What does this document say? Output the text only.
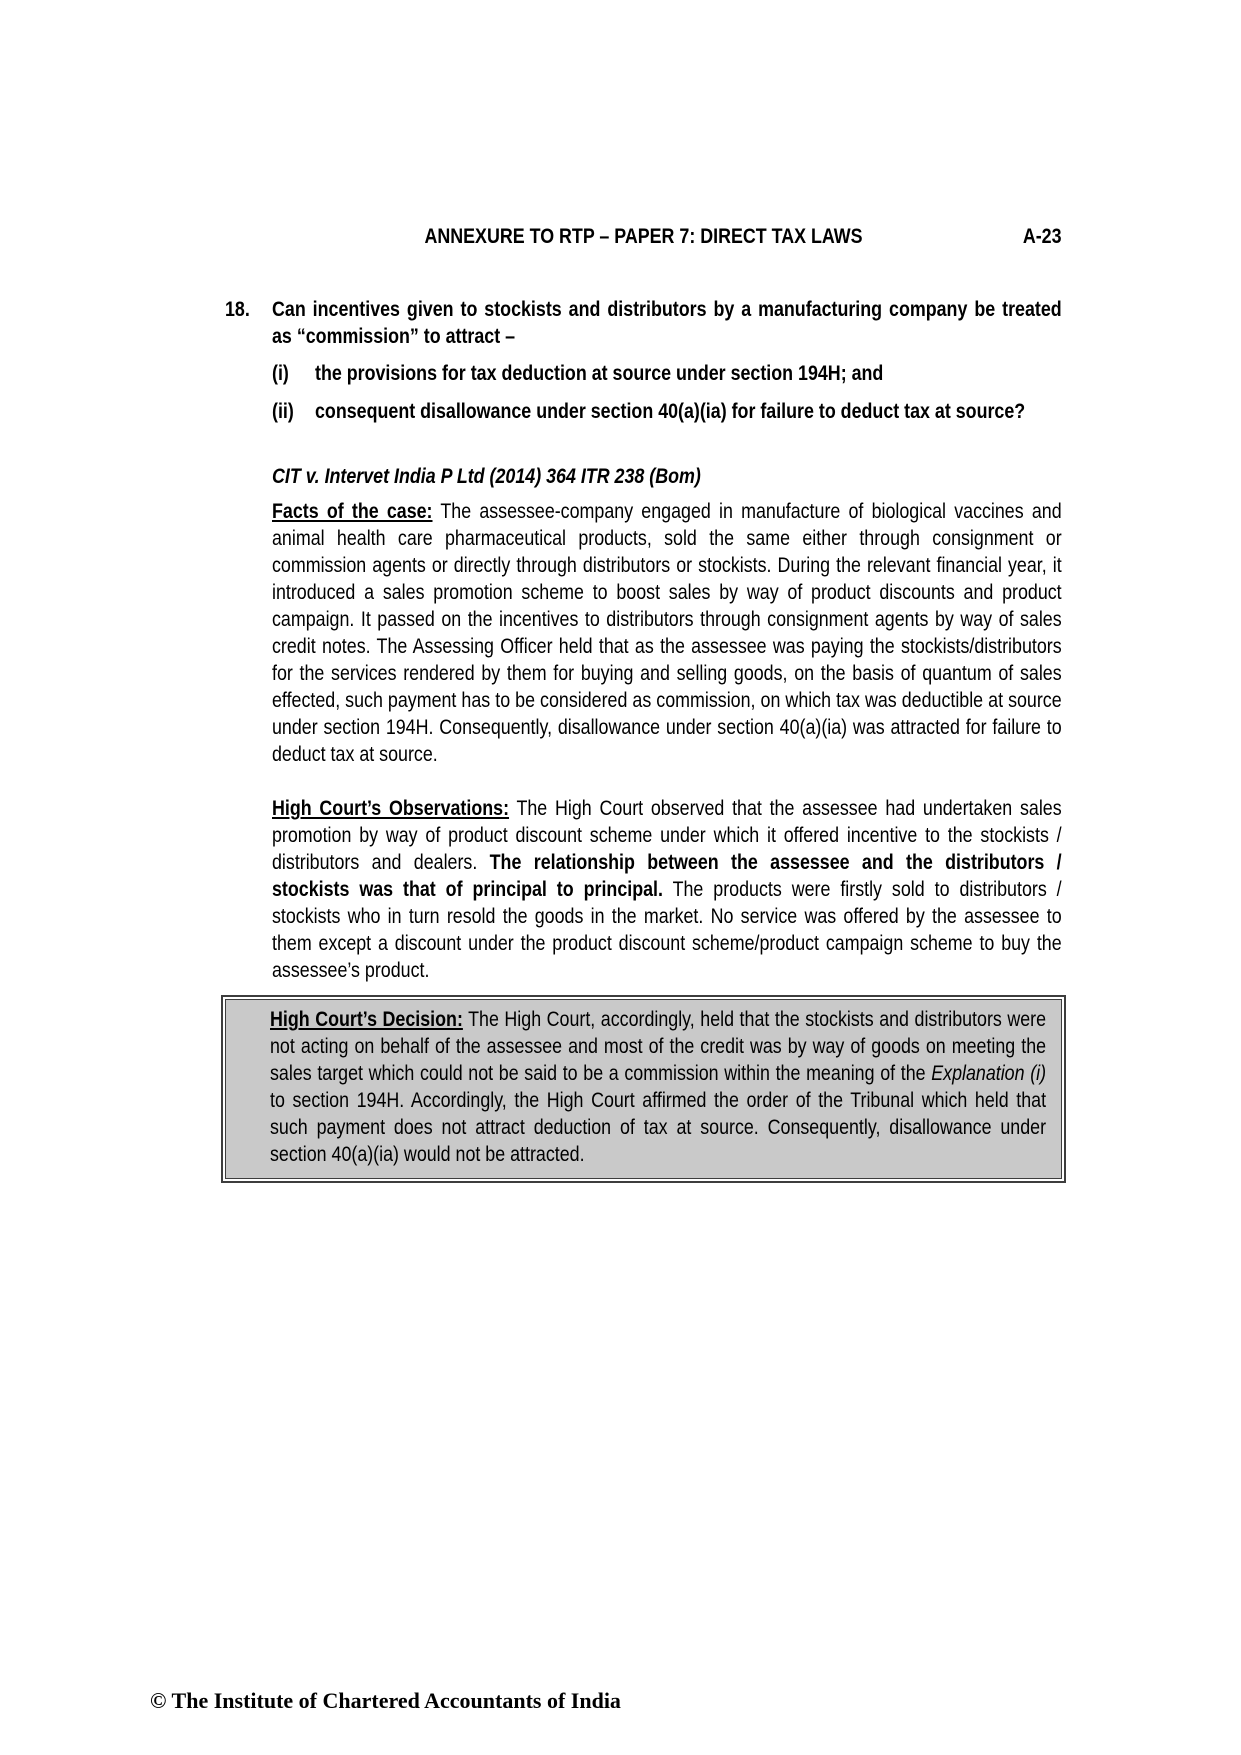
ANNEXURE TO RTP – PAPER 7: DIRECT TAX LAWS	A-23
18.	Can incentives given to stockists and distributors by a manufacturing company be treated as “commission” to attract –
(i)	the provisions for tax deduction at source under section 194H; and
(ii)	consequent disallowance under section 40(a)(ia) for failure to deduct tax at source?
CIT v. Intervet India P Ltd (2014) 364 ITR 238 (Bom)
Facts of the case: The assessee-company engaged in manufacture of biological vaccines and animal health care pharmaceutical products, sold the same either through consignment or commission agents or directly through distributors or stockists. During the relevant financial year, it introduced a sales promotion scheme to boost sales by way of product discounts and product campaign. It passed on the incentives to distributors through consignment agents by way of sales credit notes. The Assessing Officer held that as the assessee was paying the stockists/distributors for the services rendered by them for buying and selling goods, on the basis of quantum of sales effected, such payment has to be considered as commission, on which tax was deductible at source under section 194H. Consequently, disallowance under section 40(a)(ia) was attracted for failure to deduct tax at source.
High Court’s Observations: The High Court observed that the assessee had undertaken sales promotion by way of product discount scheme under which it offered incentive to the stockists / distributors and dealers. The relationship between the assessee and the distributors / stockists was that of principal to principal. The products were firstly sold to distributors / stockists who in turn resold the goods in the market. No service was offered by the assessee to them except a discount under the product discount scheme/product campaign scheme to buy the assessee’s product.
High Court’s Decision: The High Court, accordingly, held that the stockists and distributors were not acting on behalf of the assessee and most of the credit was by way of goods on meeting the sales target which could not be said to be a commission within the meaning of the Explanation (i) to section 194H. Accordingly, the High Court affirmed the order of the Tribunal which held that such payment does not attract deduction of tax at source. Consequently, disallowance under section 40(a)(ia) would not be attracted.
© The Institute of Chartered Accountants of India
